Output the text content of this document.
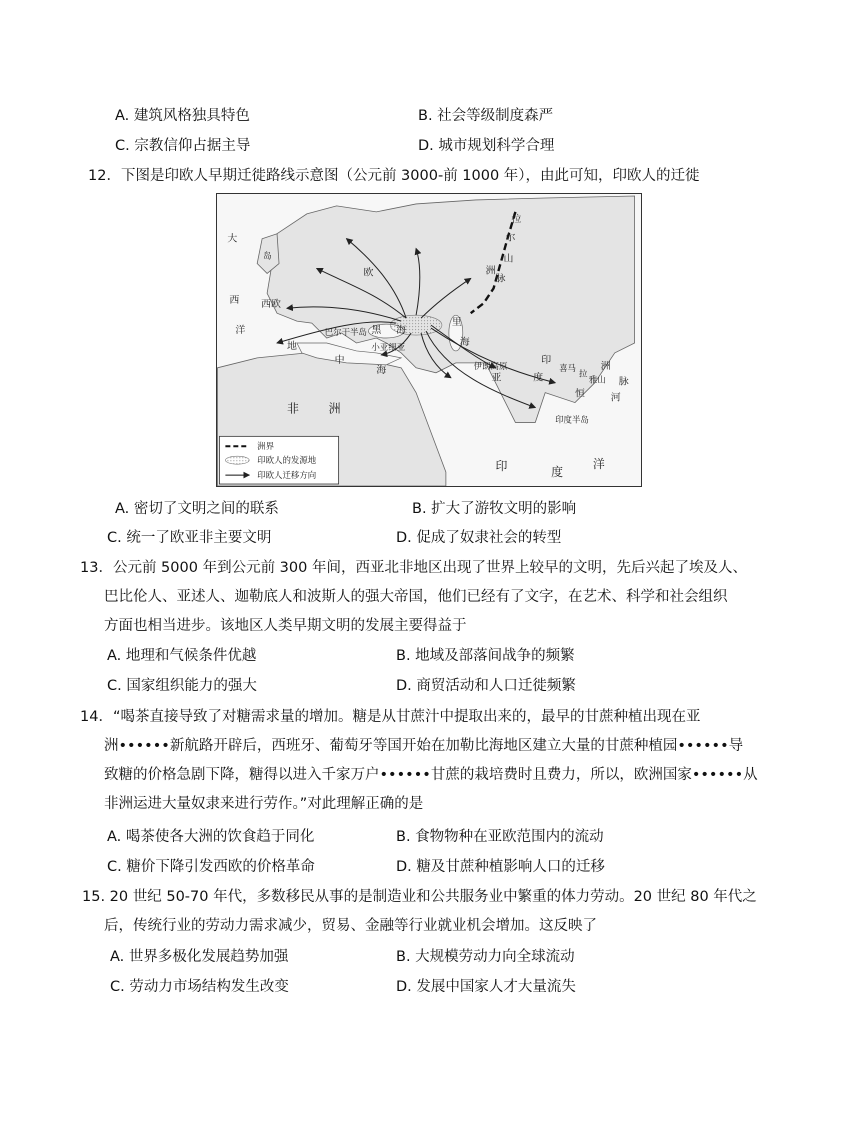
A. 建筑风格独具特色	B. 社会等级制度森严
C. 宗教信仰占据主导	D. 城市规划科学合理
12．下图是印欧人早期迁徙路线示意图（公元前 3000-前 1000 年），由此可知，印欧人的迁徙
大
西
洋
岛
西欧
欧
拉
尔
山
洲
脉
地
中
海
巴尔干半岛 黑 海
小亚细亚
里
海
伊朗高原
亚
印
度
喜马
拉
雅山
洲
脉
恒	河
印度半岛
非 洲
印	度
洋
洲界
印欧人的发源地
印欧人迁移方向
A. 密切了文明之间的联系	B. 扩大了游牧文明的影响
C. 统一了欧亚非主要文明	D. 促成了奴隶社会的转型
13．公元前 5000 年到公元前 300 年间，西亚北非地区出现了世界上较早的文明，先后兴起了埃及人、
巴比伦人、亚述人、迦勒底人和波斯人的强大帝国，他们已经有了文字，在艺术、科学和社会组织
方面也相当进步。该地区人类早期文明的发展主要得益于
A. 地理和气候条件优越	B. 地域及部落间战争的频繁
C. 国家组织能力的强大	D. 商贸活动和人口迁徙频繁
14．“喝茶直接导致了对糖需求量的增加。糖是从甘蔗汁中提取出来的，最早的甘蔗种植出现在亚
洲••••••新航路开辟后，西班牙、葡萄牙等国开始在加勒比海地区建立大量的甘蔗种植园••••••导
致糖的价格急剧下降，糖得以进入千家万户••••••甘蔗的栽培费时且费力，所以，欧洲国家••••••从
非洲运进大量奴隶来进行劳作。”对此理解正确的是
A. 喝茶使各大洲的饮食趋于同化	B. 食物物种在亚欧范围内的流动
C. 糖价下降引发西欧的价格革命	D. 糖及甘蔗种植影响人口的迁移
15. 20 世纪 50-70 年代，多数移民从事的是制造业和公共服务业中繁重的体力劳动。20 世纪 80 年代之
后，传统行业的劳动力需求减少，贸易、金融等行业就业机会增加。这反映了
A. 世界多极化发展趋势加强	B. 大规模劳动力向全球流动
C. 劳动力市场结构发生改变	D. 发展中国家人才大量流失
